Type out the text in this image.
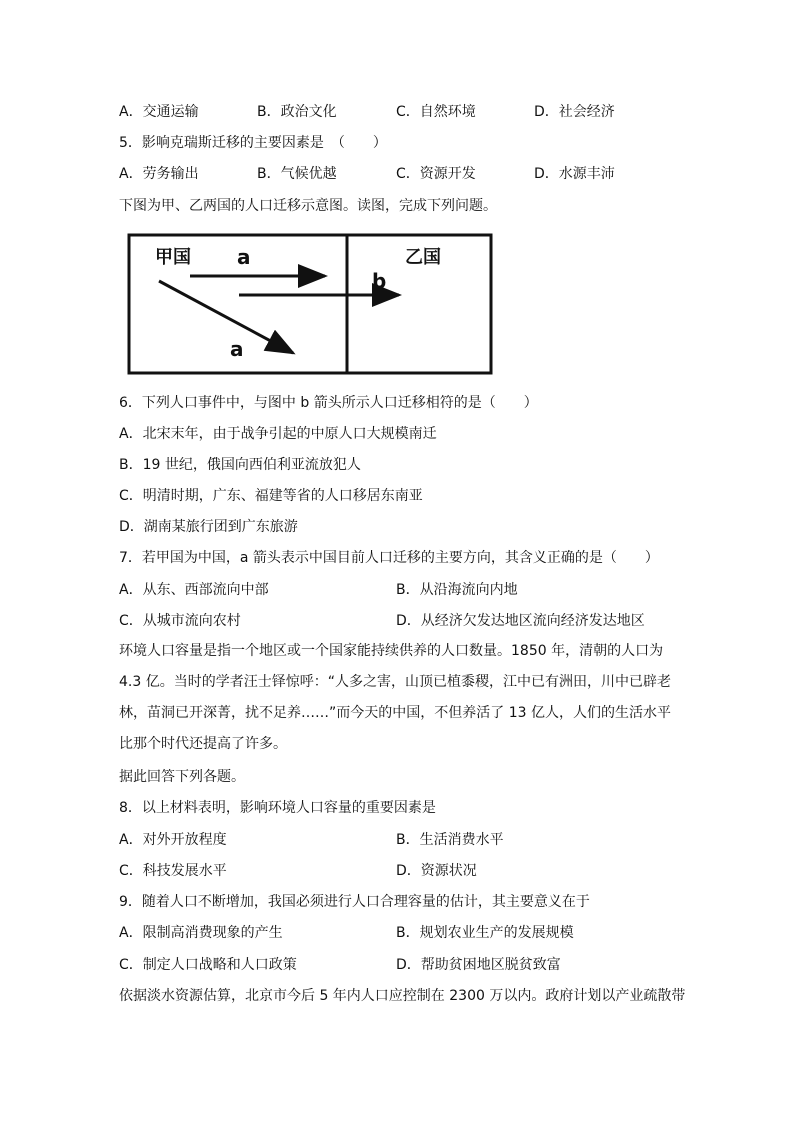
A．交通运输	B．政治文化	C．自然环境	D．社会经济
5．影响克瑞斯迁移的主要因素是　（　　）
A．劳务输出	B．气候优越	C．资源开发	D．水源丰沛
下图为甲、乙两国的人口迁移示意图。读图，完成下列问题。
甲国	乙国
a
b
a
6．下列人口事件中，与图中 b 箭头所示人口迁移相符的是（　　）
A．北宋末年，由于战争引起的中原人口大规模南迁
B．19 世纪，俄国向西伯利亚流放犯人
C．明清时期，广东、福建等省的人口移居东南亚
D．湖南某旅行团到广东旅游
7．若甲国为中国，a 箭头表示中国目前人口迁移的主要方向，其含义正确的是（　　）
A．从东、西部流向中部	B．从沿海流向内地
C．从城市流向农村	D．从经济欠发达地区流向经济发达地区
环境人口容量是指一个地区或一个国家能持续供养的人口数量。1850 年，清朝的人口为 4.3 亿。当时的学者汪士铎惊呼：“人多之害，山顶已植黍稷，江中已有洲田，川中已辟老林，苗洞已开深菁，扰不足养……”而今天的中国，不但养活了 13 亿人，人们的生活水平比那个时代还提高了许多。
据此回答下列各题。
8．以上材料表明，影响环境人口容量的重要因素是
A．对外开放程度	B．生活消费水平
C．科技发展水平	D．资源状况
9．随着人口不断增加，我国必须进行人口合理容量的估计，其主要意义在于
A．限制高消费现象的产生	B．规划农业生产的发展规模
C．制定人口战略和人口政策	D．帮助贫困地区脱贫致富
依据淡水资源估算，北京市今后 5 年内人口应控制在 2300 万以内。政府计划以产业疏散带
